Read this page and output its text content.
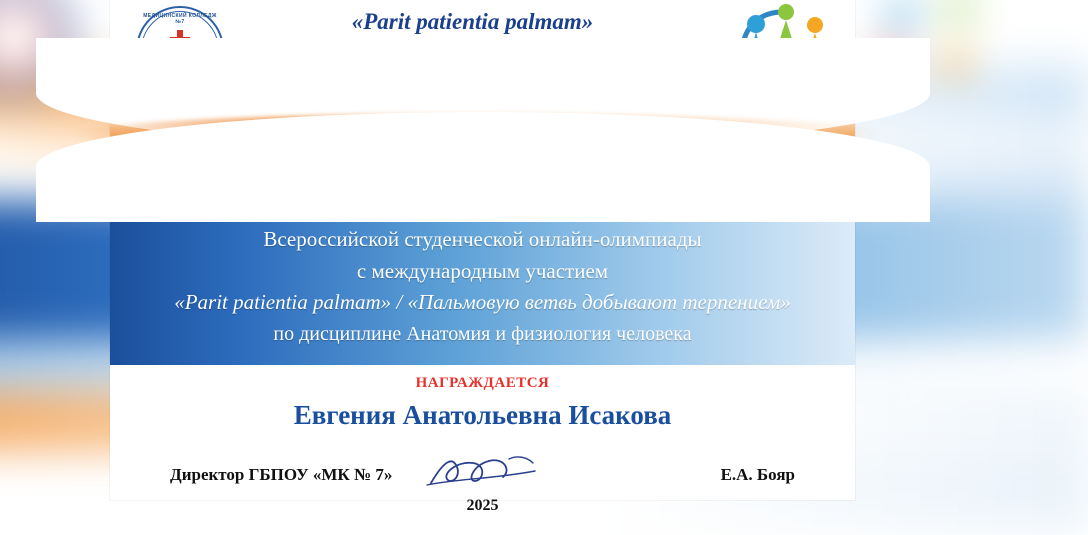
МЕДИЦИНСКИЙ КОЛЛЕДЖ №7	«Parit patientia palmam»
Всероссийской студенческой онлайн-олимпиады
с международным участием
«Parit patientia palmam» / «Пальмовую ветвь добывают терпением»
по дисциплине Анатомия и физиология человека
НАГРАЖДАЕТСЯ
Евгения Анатольевна Исакова
Директор ГБПОУ «МК № 7»
2025
Е.А. Бояр
